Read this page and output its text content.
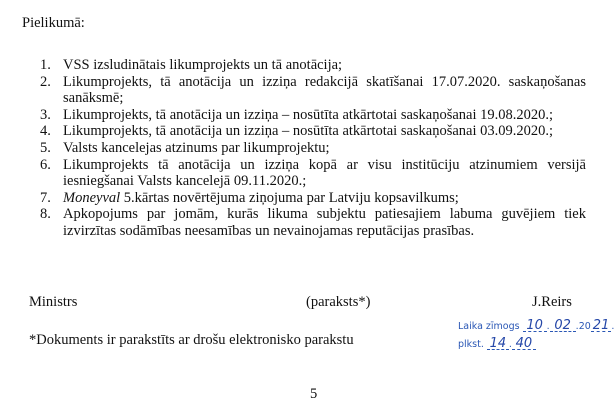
Pielikumā:
1. VSS izsludinātais likumprojekts un tā anotācija;
2. Likumprojekts, tā anotācija un izziņa redakcijā skatīšanai 17.07.2020. saskaņošanas sanāksmē;
3. Likumprojekts, tā anotācija un izziņa – nosūtīta atkārtotai saskaņošanai 19.08.2020.;
4. Likumprojekts, tā anotācija un izziņa – nosūtīta atkārtotai saskaņošanai 03.09.2020.;
5. Valsts kancelejas atzinums par likumprojektu;
6. Likumprojekts tā anotācija un izziņa kopā ar visu institūciju atzinumiem versijā iesniegšanai Valsts kancelejā 09.11.2020.;
7. Moneyval 5.kārtas novērtējuma ziņojuma par Latviju kopsavilkums;
8. Apkopojums par jomām, kurās likuma subjektu patiesajiem labuma guvējiem tiek izvirzītas sodāmības neesamības un nevainojamas reputācijas prasības.
Ministrs	(paraksts*)	J.Reirs
*Dokuments ir parakstīts ar drošu elektronisko parakstu
Laika zīmogs 10 . 02 .20 21
plkst. 14 . 40
5
